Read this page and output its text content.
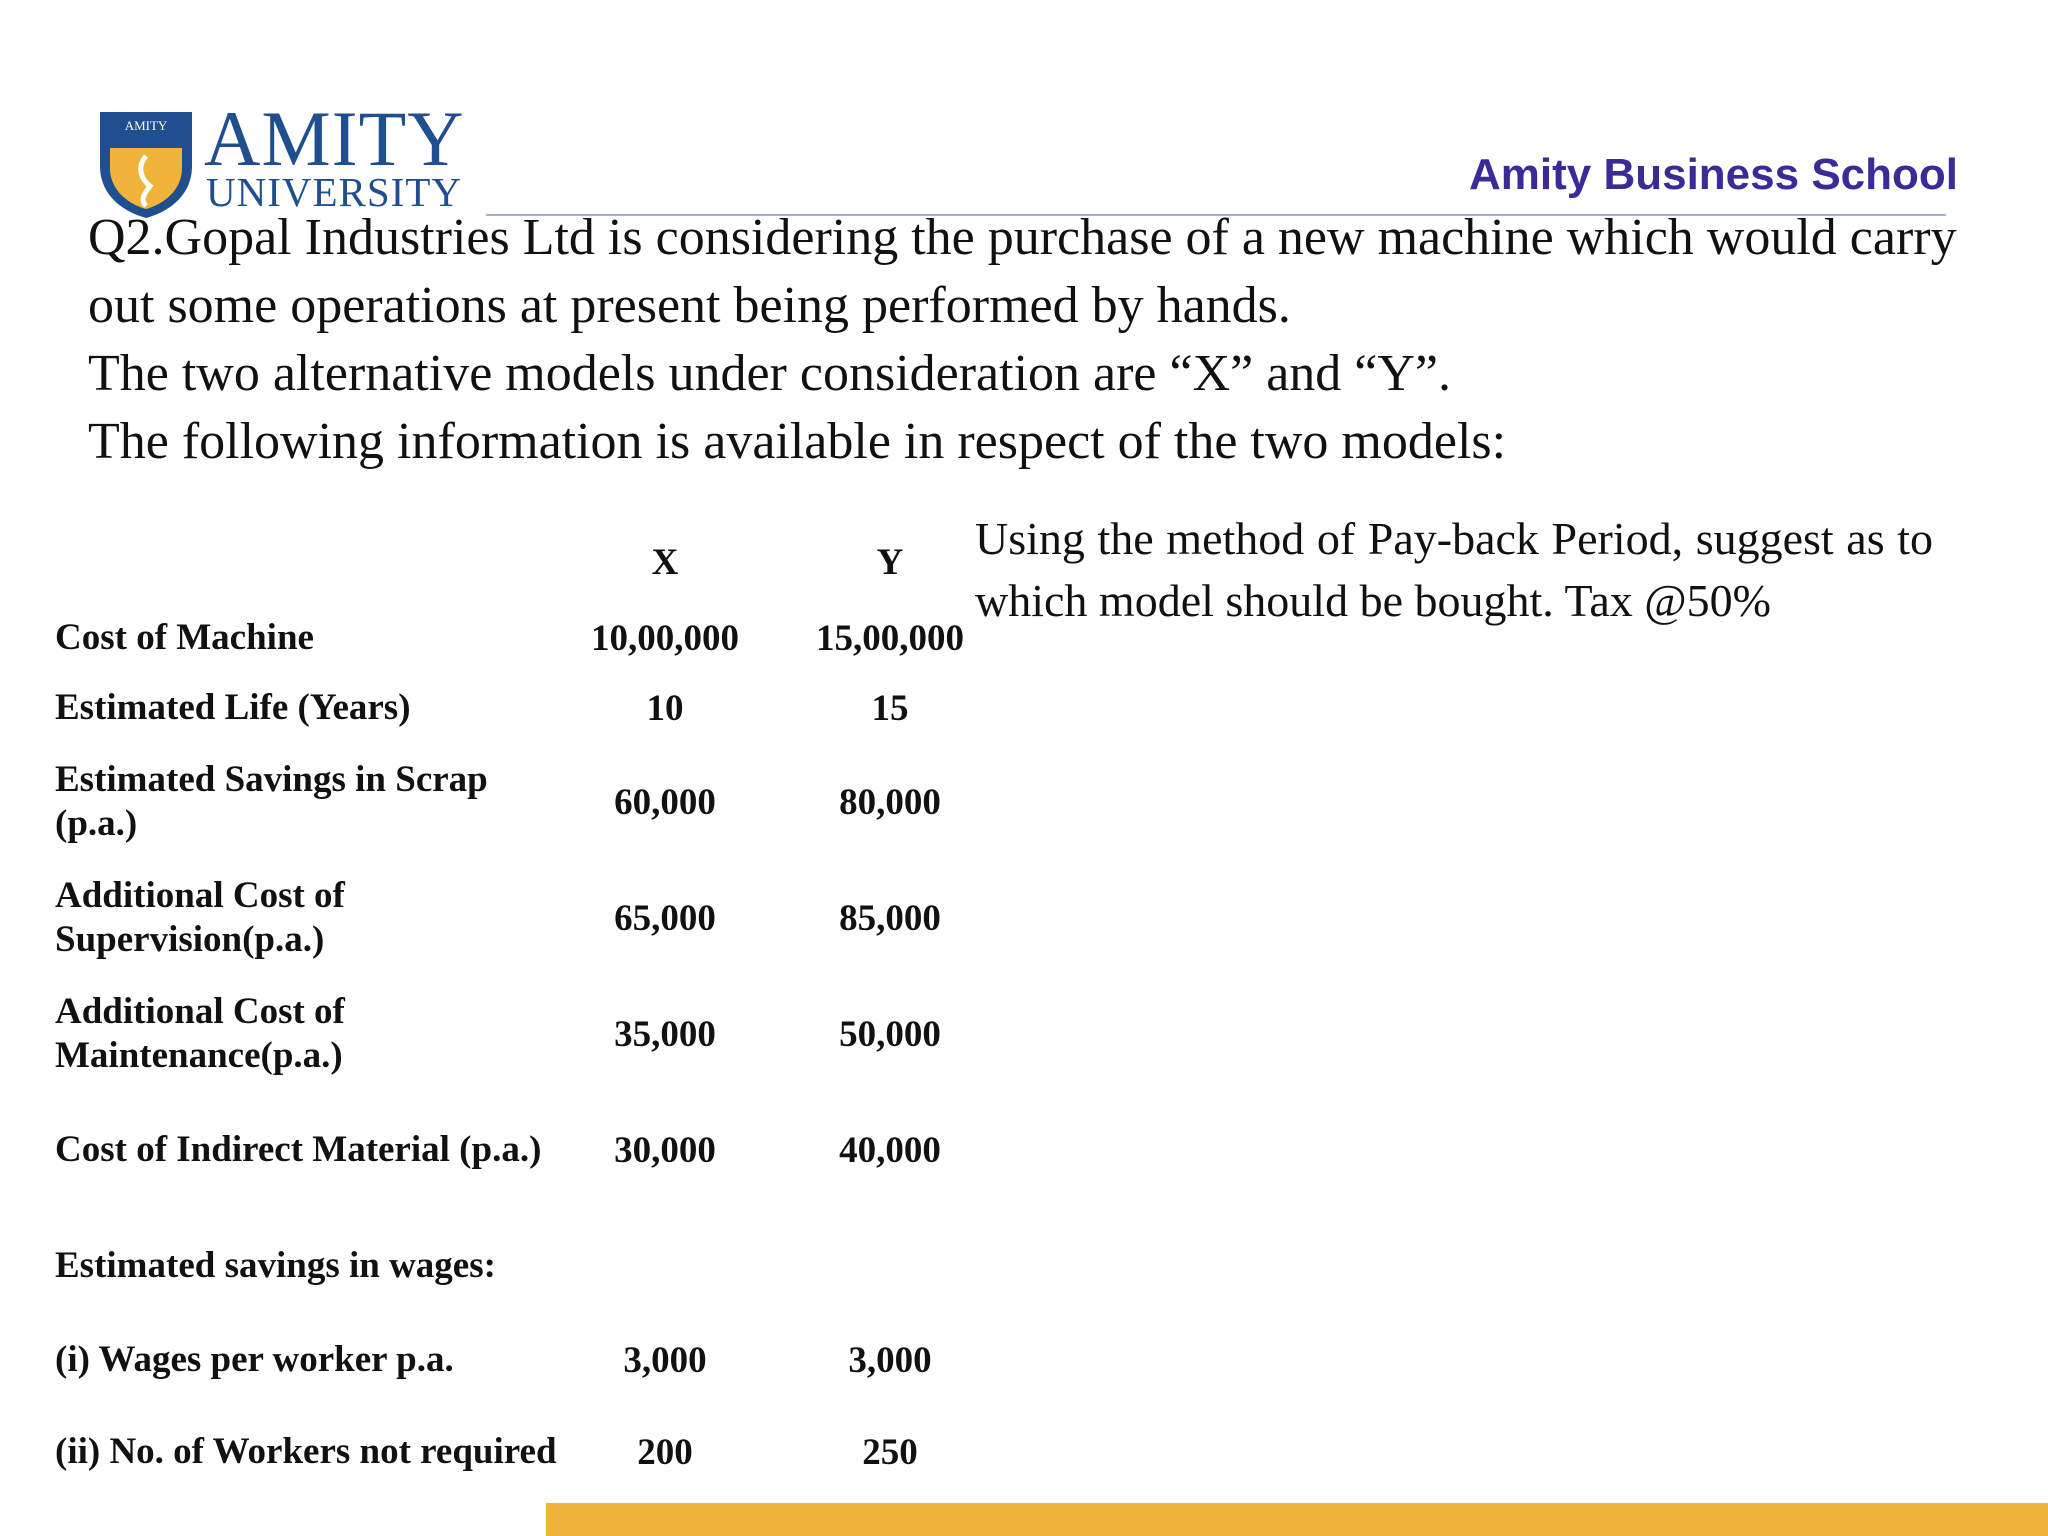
AMITY AMITY
UNIVERSITY	Amity Business School

Q2.Gopal Industries Ltd is considering the purchase of a new machine which would carry out some operations at present being performed by hands.

The two alternative models under consideration are “X” and “Y”.

The following information is available in respect of the two models:

	X	Y
Cost of Machine	10,00,000	15,00,000
Estimated Life (Years)	10	15
Estimated Savings in Scrap (p.a.)	60,000	80,000
Additional Cost of Supervision(p.a.)	65,000	85,000
Additional Cost of Maintenance(p.a.)	35,000	50,000
Cost of Indirect Material (p.a.)	30,000	40,000
Estimated savings in wages:		
(i) Wages per worker p.a.	3,000	3,000
(ii) No. of Workers not required	200	250
Using the method of Pay-back Period, suggest as to which model should be bought. Tax @50%
